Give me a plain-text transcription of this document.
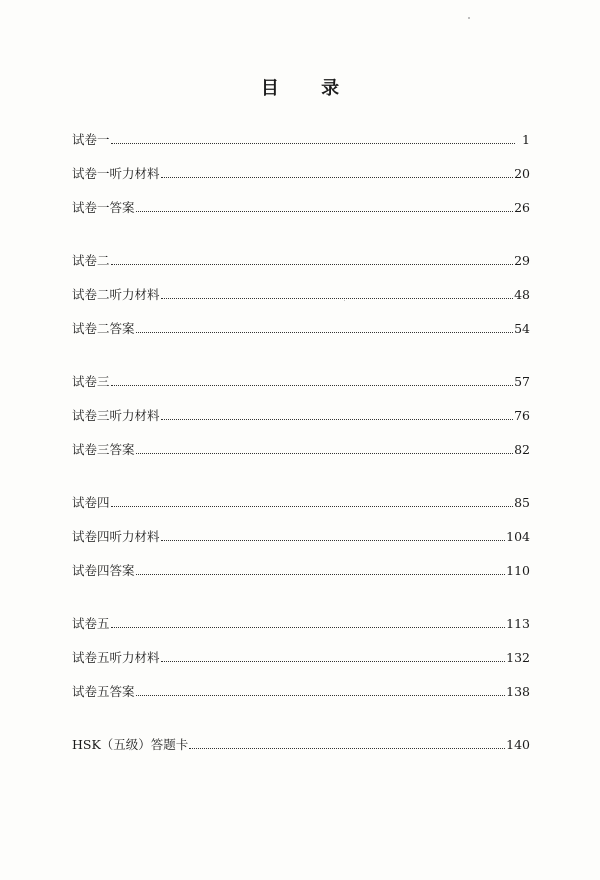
目 录
试卷一	1
试卷一听力材料	20
试卷一答案	26
试卷二	29
试卷二听力材料	48
试卷二答案	54
试卷三	57
试卷三听力材料	76
试卷三答案	82
试卷四	85
试卷四听力材料	104
试卷四答案	110
试卷五	113
试卷五听力材料	132
试卷五答案	138
HSK（五级）答题卡	140
